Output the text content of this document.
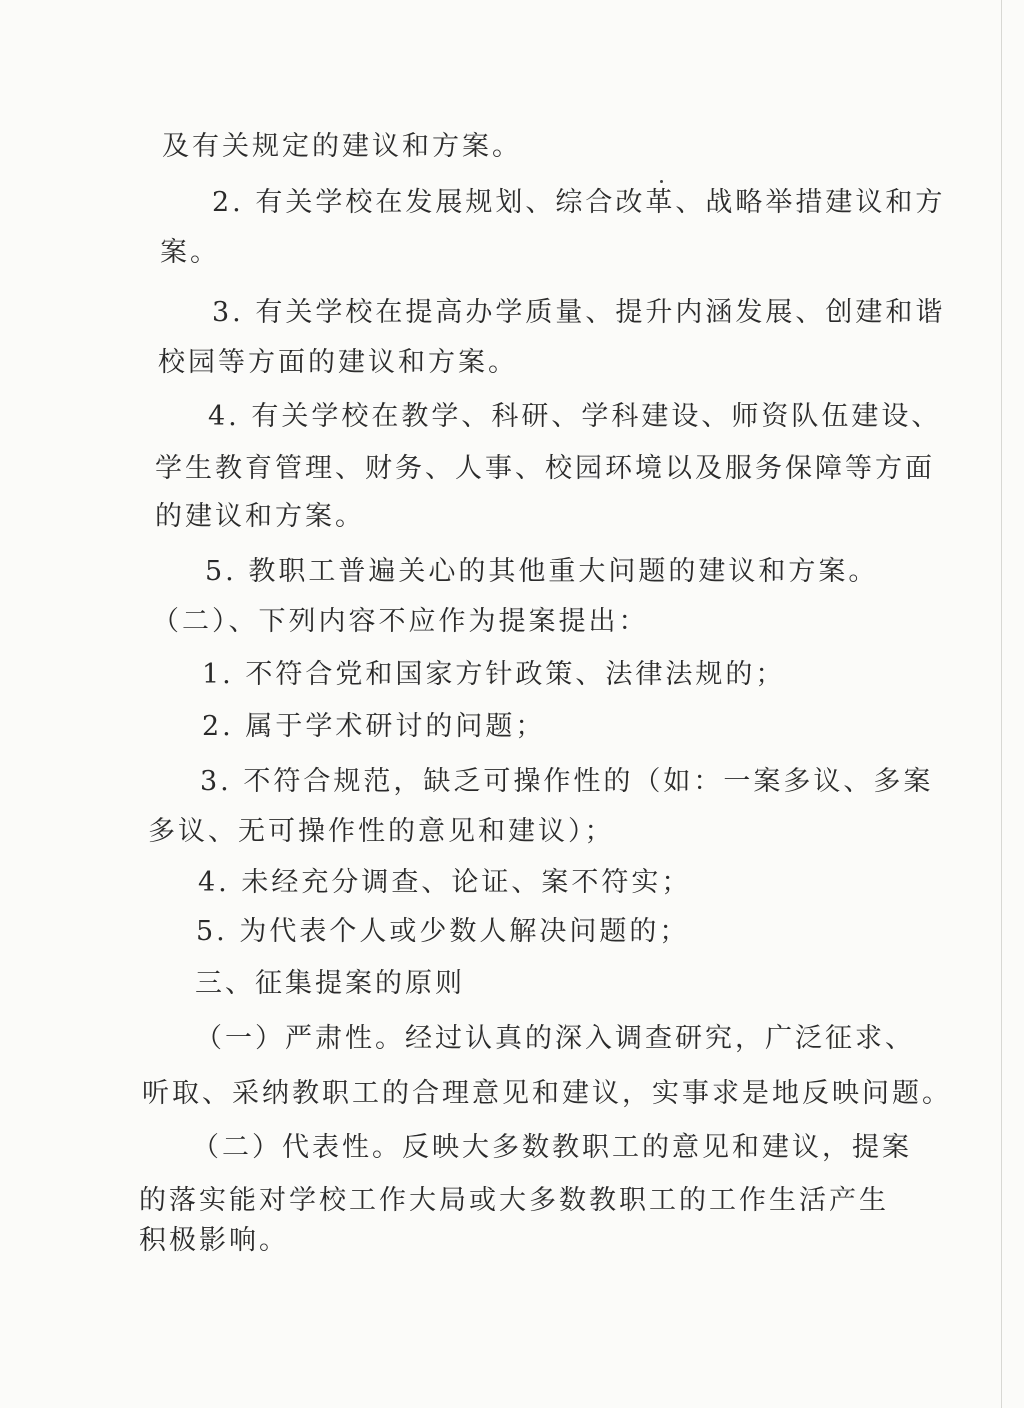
及有关规定的建议和方案。

2. 有关学校在发展规划、综合改革、战略举措建议和方

案。

3. 有关学校在提高办学质量、提升内涵发展、创建和谐

校园等方面的建议和方案。

4. 有关学校在教学、科研、学科建设、师资队伍建设、

学生教育管理、财务、人事、校园环境以及服务保障等方面

的建议和方案。

5. 教职工普遍关心的其他重大问题的建议和方案。

（二）、下列内容不应作为提案提出：

1. 不符合党和国家方针政策、法律法规的；

2. 属于学术研讨的问题；

3. 不符合规范，缺乏可操作性的（如：一案多议、多案

多议、无可操作性的意见和建议）；

4. 未经充分调查、论证、案不符实；

5. 为代表个人或少数人解决问题的；

三、征集提案的原则

（一）严肃性。经过认真的深入调查研究，广泛征求、

听取、采纳教职工的合理意见和建议，实事求是地反映问题。

（二）代表性。反映大多数教职工的意见和建议，提案

的落实能对学校工作大局或大多数教职工的工作生活产生

积极影响。
